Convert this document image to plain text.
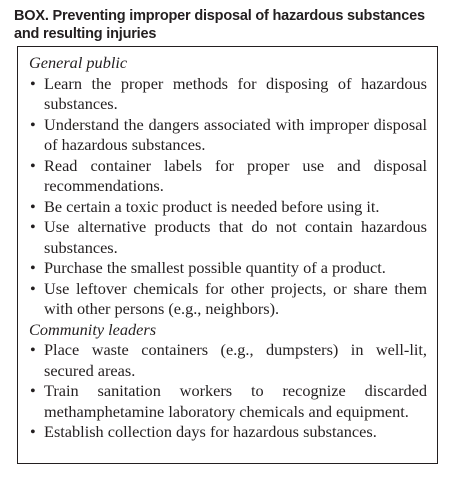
BOX. Preventing improper disposal of hazardous substances and resulting injuries

General public

• Learn the proper methods for disposing of hazardous substances.
• Understand the dangers associated with improper disposal of hazardous substances.
• Read container labels for proper use and disposal recommendations.
• Be certain a toxic product is needed before using it.
• Use alternative products that do not contain hazardous substances.
• Purchase the smallest possible quantity of a product.
• Use leftover chemicals for other projects, or share them with other persons (e.g., neighbors).

Community leaders

• Place waste containers (e.g., dumpsters) in well-lit, secured areas.
• Train sanitation workers to recognize discarded methamphetamine laboratory chemicals and equipment.
• Establish collection days for hazardous substances.
